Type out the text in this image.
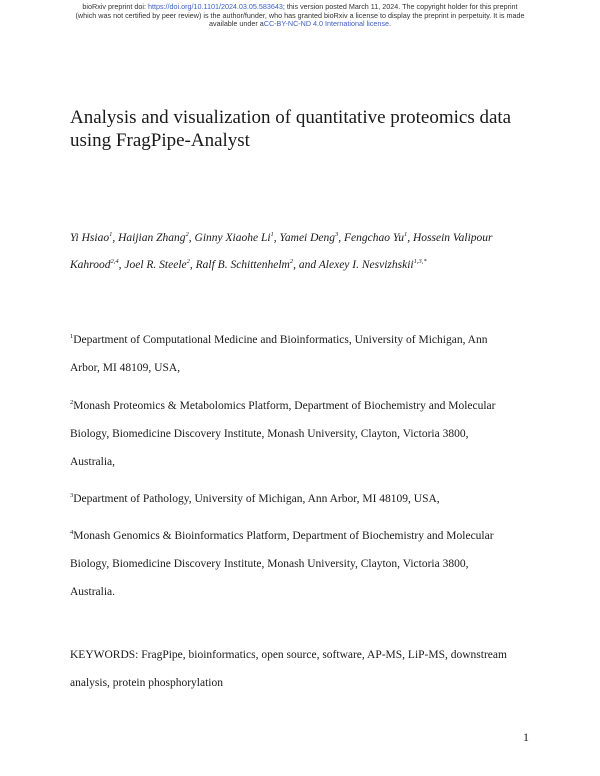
bioRxiv preprint doi: https://doi.org/10.1101/2024.03.05.583643; this version posted March 11, 2024. The copyright holder for this preprint
(which was not certified by peer review) is the author/funder, who has granted bioRxiv a license to display the preprint in perpetuity. It is made
available under aCC-BY-NC-ND 4.0 International license.
Analysis and visualization of quantitative proteomics data
using FragPipe-Analyst
Yi Hsiao$^1$, Haijian Zhang$^2$, Ginny Xiaohe Li$^1$, Yamei Deng$^3$, Fengchao Yu$^1$, Hossein Valipour
Kahrood$^{2,4}$, Joel R. Steele$^2$, Ralf B. Schittenhelm$^2$, and Alexey I. Nesvizhskii$^{1,3,*}$
$^1$Department of Computational Medicine and Bioinformatics, University of Michigan, Ann
Arbor, MI 48109, USA,
$^2$Monash Proteomics & Metabolomics Platform, Department of Biochemistry and Molecular
Biology, Biomedicine Discovery Institute, Monash University, Clayton, Victoria 3800,
Australia,
$^3$Department of Pathology, University of Michigan, Ann Arbor, MI 48109, USA,
$^4$Monash Genomics & Bioinformatics Platform, Department of Biochemistry and Molecular
Biology, Biomedicine Discovery Institute, Monash University, Clayton, Victoria 3800,
Australia.
KEYWORDS: FragPipe, bioinformatics, open source, software, AP-MS, LiP-MS, downstream
analysis, protein phosphorylation
1
